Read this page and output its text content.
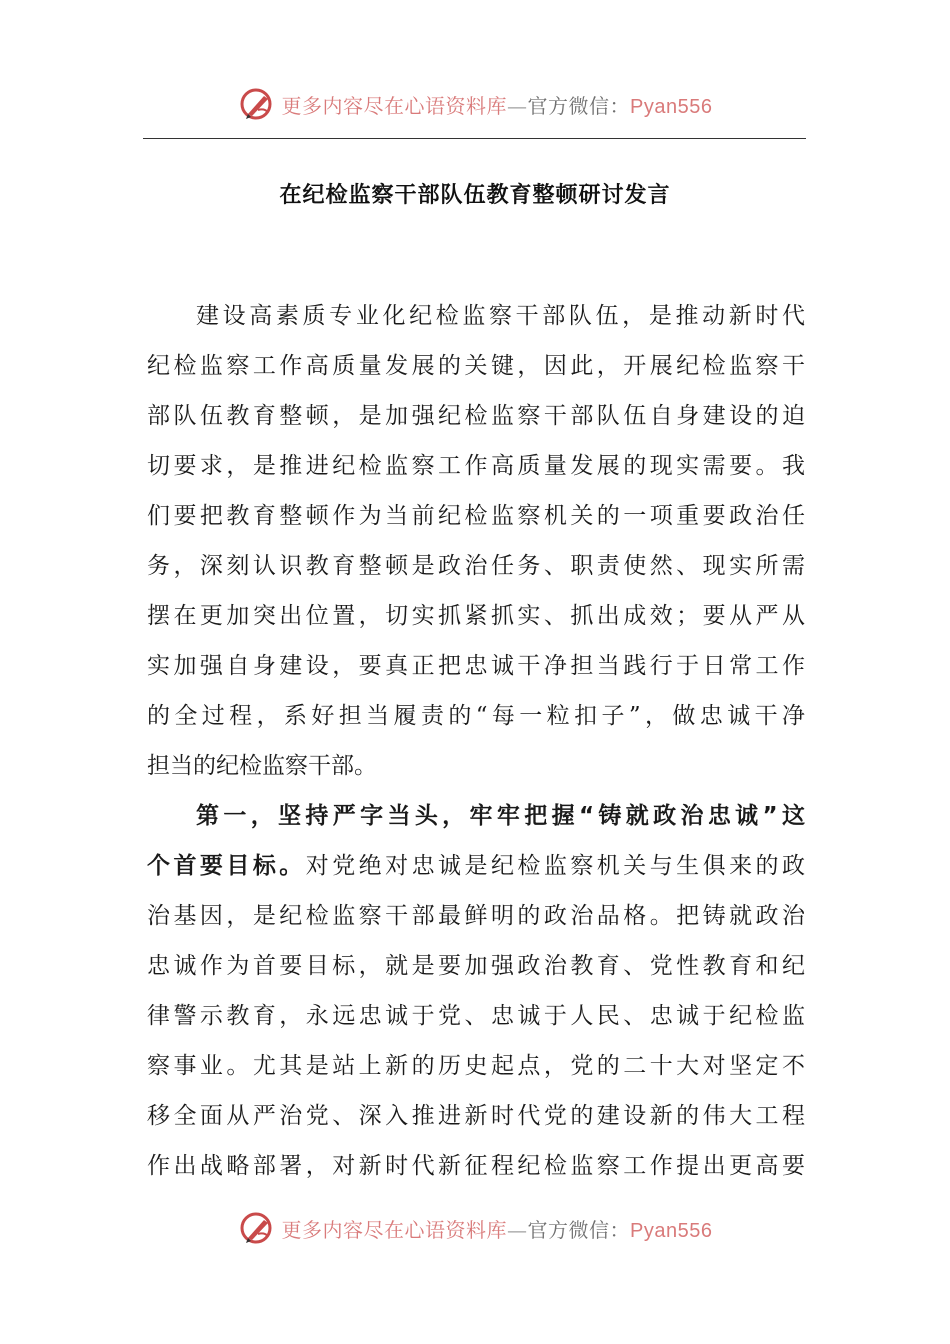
更多内容尽在心语资料库—官方微信：Pyan556
在纪检监察干部队伍教育整顿研讨发言
建设高素质专业化纪检监察干部队伍，是推动新时代
纪检监察工作高质量发展的关键，因此，开展纪检监察干
部队伍教育整顿，是加强纪检监察干部队伍自身建设的迫
切要求，是推进纪检监察工作高质量发展的现实需要。我
们要把教育整顿作为当前纪检监察机关的一项重要政治任
务，深刻认识教育整顿是政治任务、职责使然、现实所需
摆在更加突出位置，切实抓紧抓实、抓出成效；要从严从
实加强自身建设，要真正把忠诚干净担当践行于日常工作
的全过程，系好担当履责的“每一粒扣子”，做忠诚干净
担当的纪检监察干部。
第一，坚持严字当头，牢牢把握“铸就政治忠诚”这
个首要目标。对党绝对忠诚是纪检监察机关与生俱来的政
治基因，是纪检监察干部最鲜明的政治品格。把铸就政治
忠诚作为首要目标，就是要加强政治教育、党性教育和纪
律警示教育，永远忠诚于党、忠诚于人民、忠诚于纪检监
察事业。尤其是站上新的历史起点，党的二十大对坚定不
移全面从严治党、深入推进新时代党的建设新的伟大工程
作出战略部署，对新时代新征程纪检监察工作提出更高要
更多内容尽在心语资料库—官方微信：Pyan556
